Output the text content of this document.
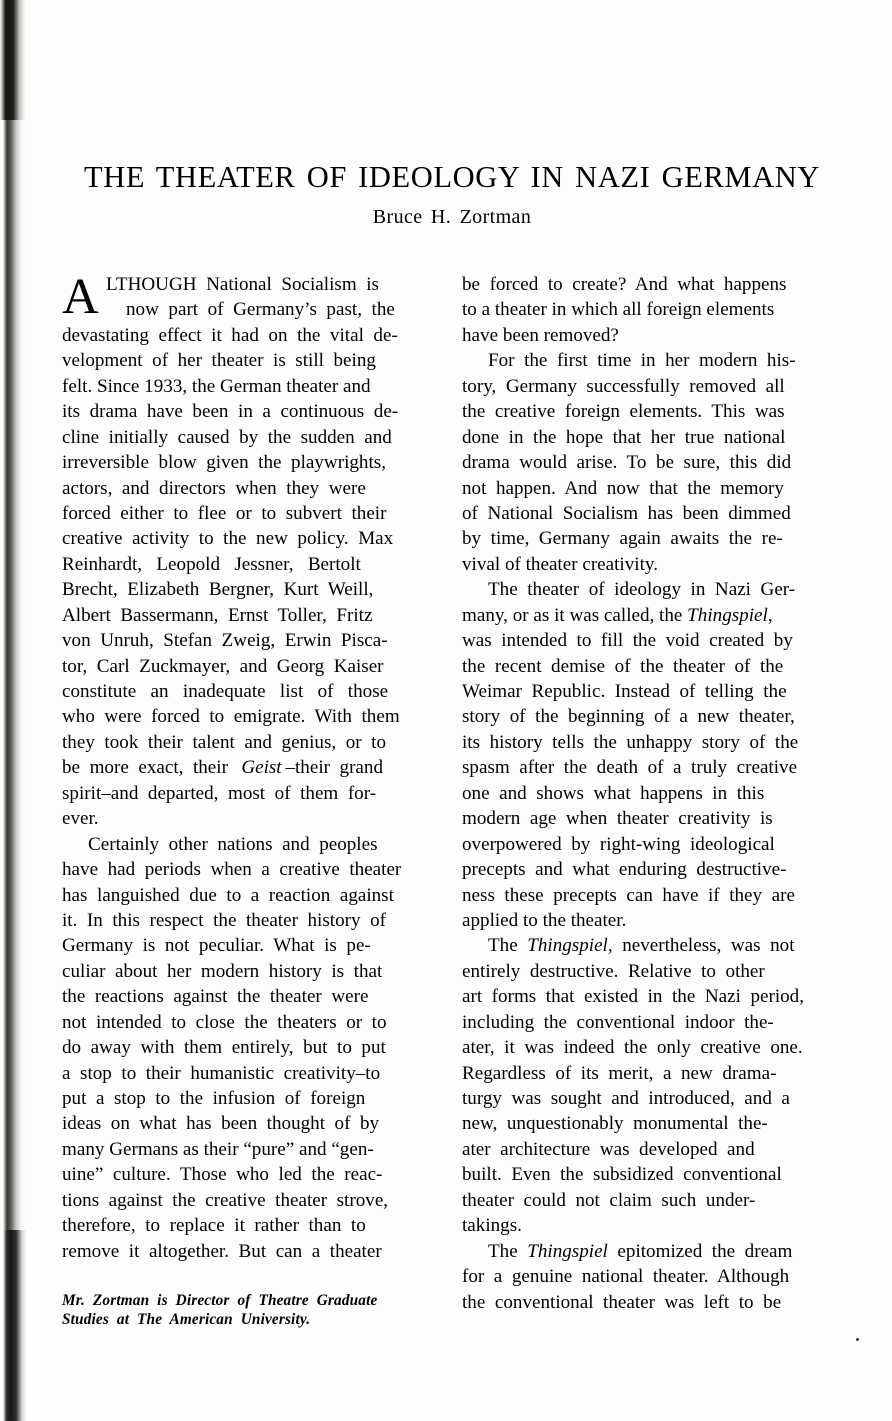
THE THEATER OF IDEOLOGY IN NAZI GERMANY
Bruce H. Zortman
A LTHOUGH  National  Socialism  is
now  part  of  Germany’s  past,  the
devastating  effect  it  had  on  the  vital  de-
velopment  of  her  theater  is  still  being
felt. Since 1933, the German theater and
its  drama  have  been  in  a  continuous  de-
cline  initially  caused  by  the  sudden  and
irreversible  blow  given  the  playwrights,
actors,  and  directors  when  they  were
forced  either  to  flee  or  to  subvert  their
creative  activity  to  the  new  policy.  Max
Reinhardt,   Leopold   Jessner,   Bertolt
Brecht,  Elizabeth  Bergner,  Kurt  Weill,
Albert  Bassermann,  Ernst  Toller,  Fritz
von  Unruh,  Stefan  Zweig,  Erwin  Pisca-
tor,  Carl  Zuckmayer,  and  Georg  Kaiser
constitute   an   inadequate   list   of   those
who  were  forced  to  emigrate.  With  them
they  took  their  talent  and  genius,  or  to
be  more  exact,  their   Geist –their  grand
spirit–and  departed,  most  of  them  for-
ever.
Certainly  other  nations  and  peoples
have  had  periods  when  a  creative  theater
has  languished  due  to  a  reaction  against
it.  In  this  respect  the  theater  history  of
Germany  is  not  peculiar.  What  is  pe-
culiar  about  her  modern  history  is  that
the  reactions  against  the  theater  were
not  intended  to  close  the  theaters  or  to
do  away  with  them  entirely,  but  to  put
a  stop  to  their  humanistic  creativity–to
put  a  stop  to  the  infusion  of  foreign
ideas  on  what  has  been  thought  of  by
many Germans as their “pure” and “gen-
uine”  culture.  Those  who  led  the  reac-
tions  against  the  creative  theater  strove,
therefore,  to  replace  it  rather  than  to
remove  it  altogether.  But  can  a  theater
be  forced  to  create?  And  what  happens
to a theater in which all foreign elements
have been removed?
For  the  first  time  in  her  modern  his-
tory,  Germany  successfully  removed  all
the  creative  foreign  elements.  This  was
done  in  the  hope  that  her  true  national
drama  would  arise.  To  be  sure,  this  did
not  happen.  And  now  that  the  memory
of  National  Socialism  has  been  dimmed
by  time,  Germany  again  awaits  the  re-
vival of theater creativity.
The  theater  of  ideology  in  Nazi  Ger-
many, or as it was called, the Thingspiel,
was  intended  to  fill  the  void  created  by
the  recent  demise  of  the  theater  of  the
Weimar  Republic.  Instead  of  telling  the
story  of  the  beginning  of  a  new  theater,
its  history  tells  the  unhappy  story  of  the
spasm  after  the  death  of  a  truly  creative
one  and  shows  what  happens  in  this
modern  age  when  theater  creativity  is
overpowered  by  right-wing  ideological
precepts  and  what  enduring  destructive-
ness  these  precepts  can  have  if  they  are
applied to the theater.
The  Thingspiel,  nevertheless,  was  not
entirely  destructive.  Relative  to  other
art  forms  that  existed  in  the  Nazi  period,
including  the  conventional  indoor  the-
ater,  it  was  indeed  the  only  creative  one.
Regardless  of  its  merit,  a  new  drama-
turgy  was  sought  and  introduced,  and  a
new,  unquestionably  monumental  the-
ater  architecture  was  developed  and
built.  Even  the  subsidized  conventional
theater  could  not  claim  such  under-
takings.
The  Thingspiel  epitomized  the  dream
for  a  genuine  national  theater.  Although
the  conventional  theater  was  left  to  be
Mr.  Zortman  is  Director  of  Theatre  Graduate
Studies  at  The  American  University.
